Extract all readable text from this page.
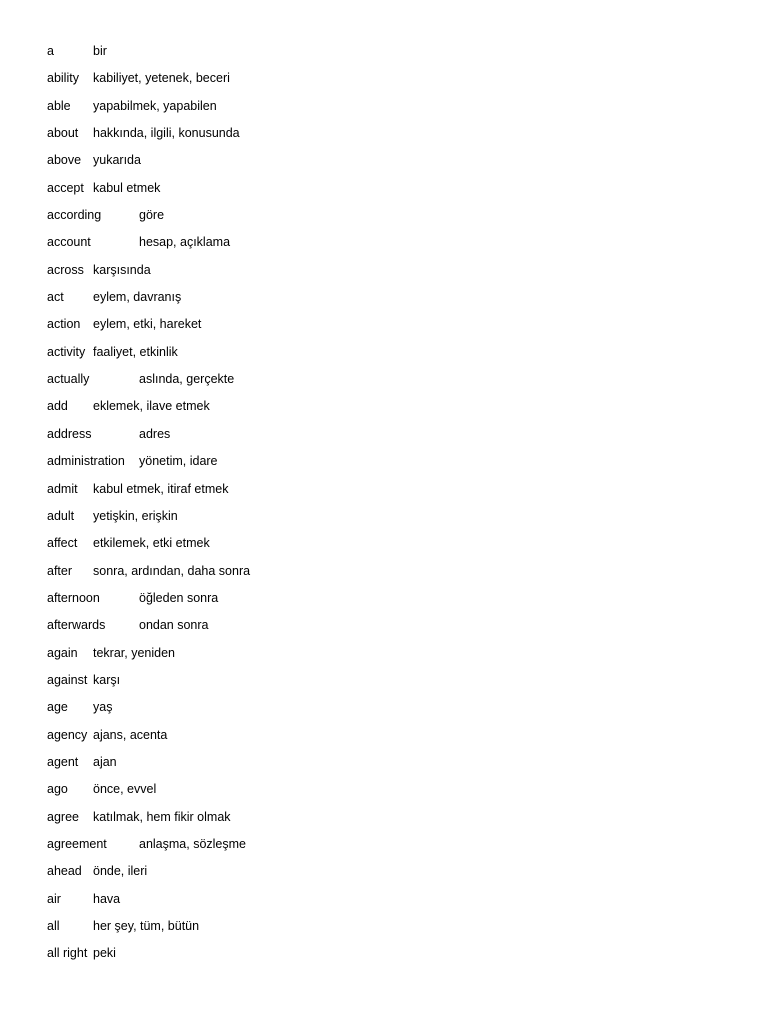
a	bir
ability kabiliyet, yetenek, beceri
able yapabilmek, yapabilen
about hakkında, ilgili, konusunda
above yukarıda
accept kabul etmek
according	göre
account	hesap, açıklama
across karşısında
act eylem, davranış
action eylem, etki, hareket
activity faaliyet, etkinlik
actually	aslında, gerçekte
add eklemek, ilave etmek
address	adres
administration yönetim, idare
admit kabul etmek, itiraf etmek
adult yetişkin, erişkin
affect etkilemek, etki etmek
after sonra, ardından, daha sonra
afternoon	öğleden sonra
afterwards	ondan sonra
again tekrar, yeniden
against karşı
age yaş
agency ajans, acenta
agent ajan
ago önce, evvel
agree katılmak, hem fikir olmak
agreement	anlaşma, sözleşme
ahead önde, ileri
air	hava
all	her şey, tüm, bütün
all right peki
